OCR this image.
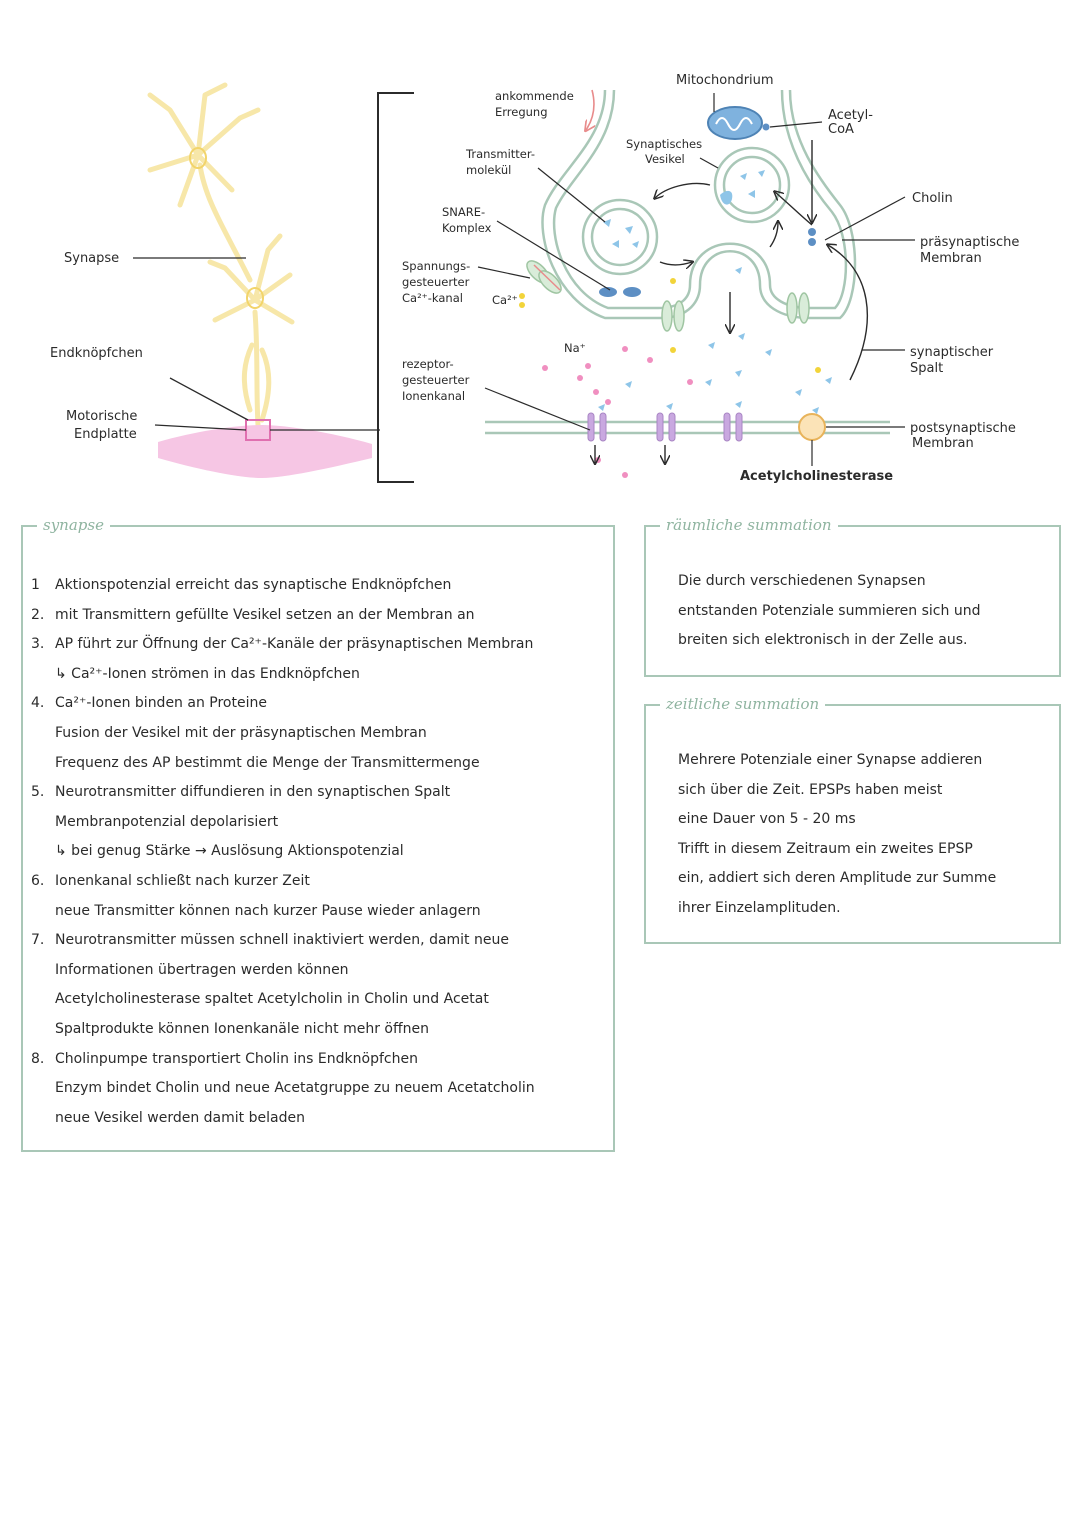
Synapse
Endknöpfchen
Motorische
Endplatte
ankommende
Erregung
Transmitter-
molekül
SNARE-
Komplex
Spannungs-
gesteuerter
Ca²⁺-kanal	Ca²⁺
Na⁺
rezeptor-
gesteuerter
Ionenkanal
Mitochondrium
Synaptisches
Vesikel
Acetyl-
CoA
Cholin
präsynaptische
Membran
synaptischer
Spalt
postsynaptische
Membran
Acetylcholinesterase
synapse
1 Aktionspotenzial erreicht das synaptische Endknöpfchen
2. mit Transmittern gefüllte Vesikel setzen an der Membran an
3. AP führt zur Öffnung der Ca²⁺-Kanäle der präsynaptischen Membran
↳ Ca²⁺-Ionen strömen in das Endknöpfchen
4. Ca²⁺-Ionen binden an Proteine
Fusion der Vesikel mit der präsynaptischen Membran
Frequenz des AP bestimmt die Menge der Transmittermenge
5. Neurotransmitter diffundieren in den synaptischen Spalt
Membranpotenzial depolarisiert
↳ bei genug Stärke → Auslösung Aktionspotenzial
6. Ionenkanal schließt nach kurzer Zeit
neue Transmitter können nach kurzer Pause wieder anlagern
7. Neurotransmitter müssen schnell inaktiviert werden, damit neue
Informationen übertragen werden können
Acetylcholinesterase spaltet Acetylcholin in Cholin und Acetat
Spaltprodukte können Ionenkanäle nicht mehr öffnen
8. Cholinpumpe transportiert Cholin ins Endknöpfchen
Enzym bindet Cholin und neue Acetatgruppe zu neuem Acetatcholin
neue Vesikel werden damit beladen
räumliche summation
Die durch verschiedenen Synapsen
entstanden Potenziale summieren sich und
breiten sich elektronisch in der Zelle aus.
zeitliche summation
Mehrere Potenziale einer Synapse addieren
sich über die Zeit. EPSPs haben meist
eine Dauer von 5 - 20 ms
Trifft in diesem Zeitraum ein zweites EPSP
ein, addiert sich deren Amplitude zur Summe
ihrer Einzelamplituden.
